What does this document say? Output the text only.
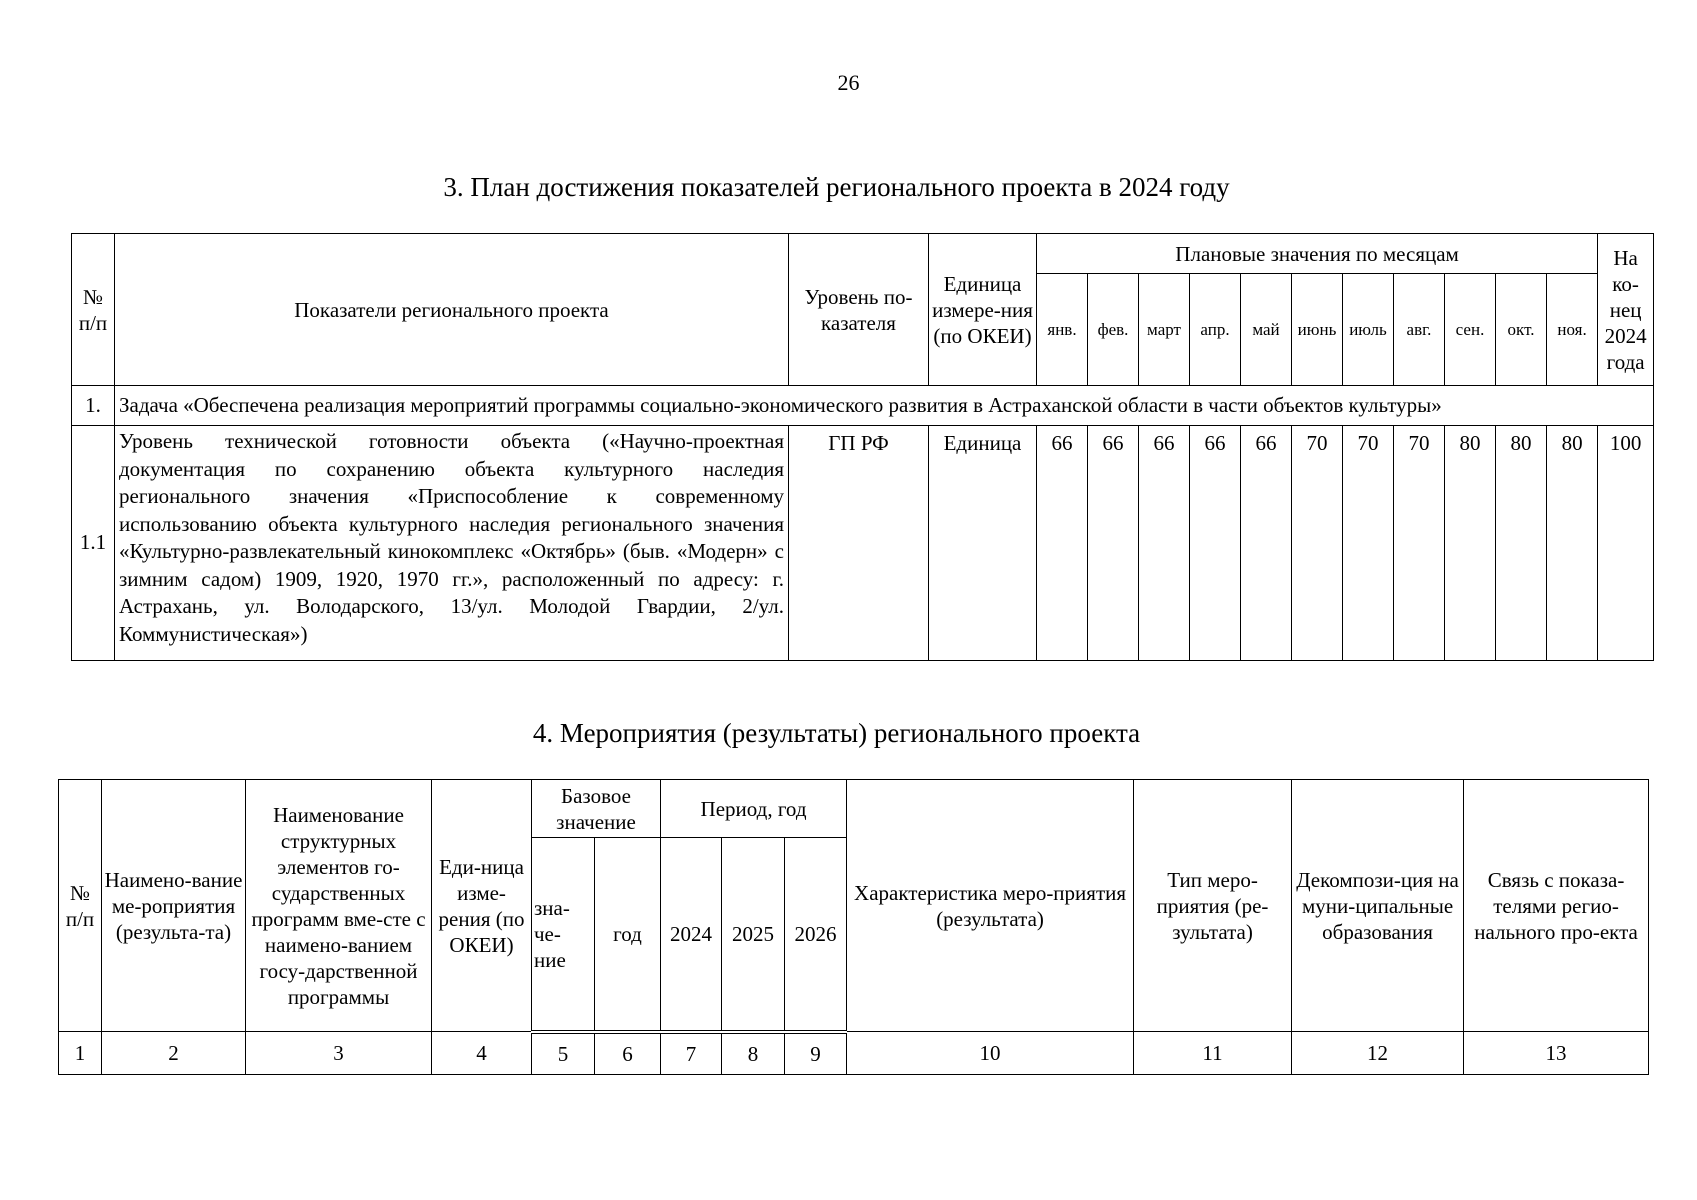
26
3. План достижения показателей регионального проекта в 2024 году
№ п/п	Показатели регионального проекта	Уровень по-казателя	Единица измере-ния (по ОКЕИ)	Плановые значения по месяцам											На ко-нец 2024 года
				янв.	фев.	март	апр.	май	июнь	июль	авг.	сен.	окт.	ноя.	
1.	Задача «Обеспечена реализация мероприятий программы социально-экономического развития в Астраханской области в части объектов культуры»														
1.1	Уровень технической готовности объекта («Научно-проектная документация по сохранению объекта культурного наследия регионального значения «Приспособление к современному использованию объекта культурного наследия регионального значения «Культурно-развлекательный кинокомплекс «Октябрь» (быв. «Модерн» с зимним садом) 1909, 1920, 1970 гг.», расположенный по адресу: г. Астрахань, ул. Володарского, 13/ул. Молодой Гвардии, 2/ул. Коммунистическая»)	ГП РФ	Единица	66	66	66	66	66	70	70	70	80	80	80	100
4. Мероприятия (результаты) регионального проекта
№ п/п	Наимено-вание ме-роприятия (результа-та)	Наименование структурных элементов го-сударственных программ вме-сте с наимено-ванием госу-дарственной программы	Еди-ница изме-рения (по ОКЕИ)	Базовое значение		Период, год			Характеристика меро-приятия (результата)	Тип меро-приятия (ре-зультата)	Декомпози-ция на муни-ципальные образования	Связь с показа-телями регио-нального про-екта
				зна-че-ние	год	2024	2025	2026				
1	2	3	4	5	6	7	8	9	10	11	12	13
